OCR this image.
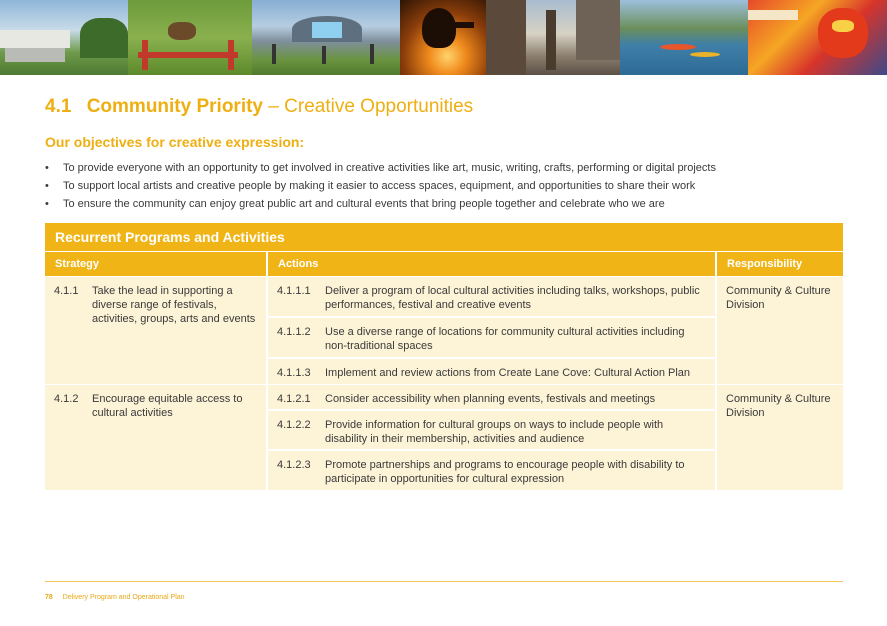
4.1 Community Priority – Creative Opportunities
Our objectives for creative expression:
• To provide everyone with an opportunity to get involved in creative activities like art, music, writing, crafts, performing or digital projects
• To support local artists and creative people by making it easier to access spaces, equipment, and opportunities to share their work
• To ensure the community can enjoy great public art and cultural events that bring people together and celebrate who we are
Recurrent Programs and Activities
Strategy	Actions	Responsibility
4.1.1	Take the lead in supporting a diverse range of festivals, activities, groups, arts and events
4.1.1.1	Deliver a program of local cultural activities including talks, workshops, public performances, festival and creative events
4.1.1.2	Use a diverse range of locations for community cultural activities including non-traditional spaces
4.1.1.3	Implement and review actions from Create Lane Cove: Cultural Action Plan
Community & Culture Division
4.1.2	Encourage equitable access to cultural activities
4.1.2.1	Consider accessibility when planning events, festivals and meetings
4.1.2.2	Provide information for cultural groups on ways to include people with disability in their membership, activities and audience
4.1.2.3	Promote partnerships and programs to encourage people with disability to participate in opportunities for cultural expression
Community & Culture Division
78 Delivery Program and Operational Plan
